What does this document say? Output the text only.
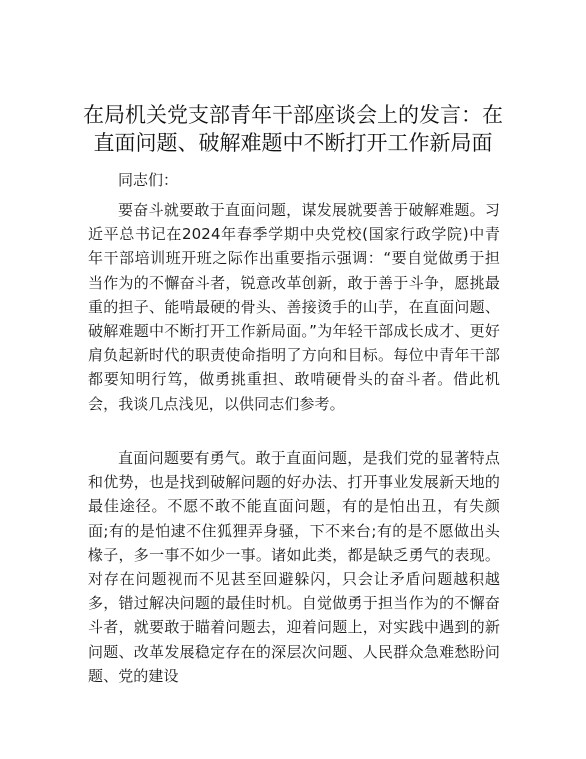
在局机关党支部青年干部座谈会上的发言：在直面问题、破解难题中不断打开工作新局面

同志们：

要奋斗就要敢于直面问题，谋发展就要善于破解难题。习近平总书记在2024年春季学期中央党校(国家行政学院)中青年干部培训班开班之际作出重要指示强调：“要自觉做勇于担当作为的不懈奋斗者，锐意改革创新，敢于善于斗争，愿挑最重的担子、能啃最硬的骨头、善接烫手的山芋，在直面问题、破解难题中不断打开工作新局面。”为年轻干部成长成才、更好肩负起新时代的职责使命指明了方向和目标。每位中青年干部都要知明行笃，做勇挑重担、敢啃硬骨头的奋斗者。借此机会，我谈几点浅见，以供同志们参考。

直面问题要有勇气。敢于直面问题，是我们党的显著特点和优势，也是找到破解问题的好办法、打开事业发展新天地的最佳途径。不愿不敢不能直面问题，有的是怕出丑，有失颜面;有的是怕逮不住狐狸弄身骚，下不来台;有的是不愿做出头椽子，多一事不如少一事。诸如此类，都是缺乏勇气的表现。对存在问题视而不见甚至回避躲闪，只会让矛盾问题越积越多，错过解决问题的最佳时机。自觉做勇于担当作为的不懈奋斗者，就要敢于瞄着问题去，迎着问题上，对实践中遇到的新问题、改革发展稳定存在的深层次问题、人民群众急难愁盼问题、党的建设
